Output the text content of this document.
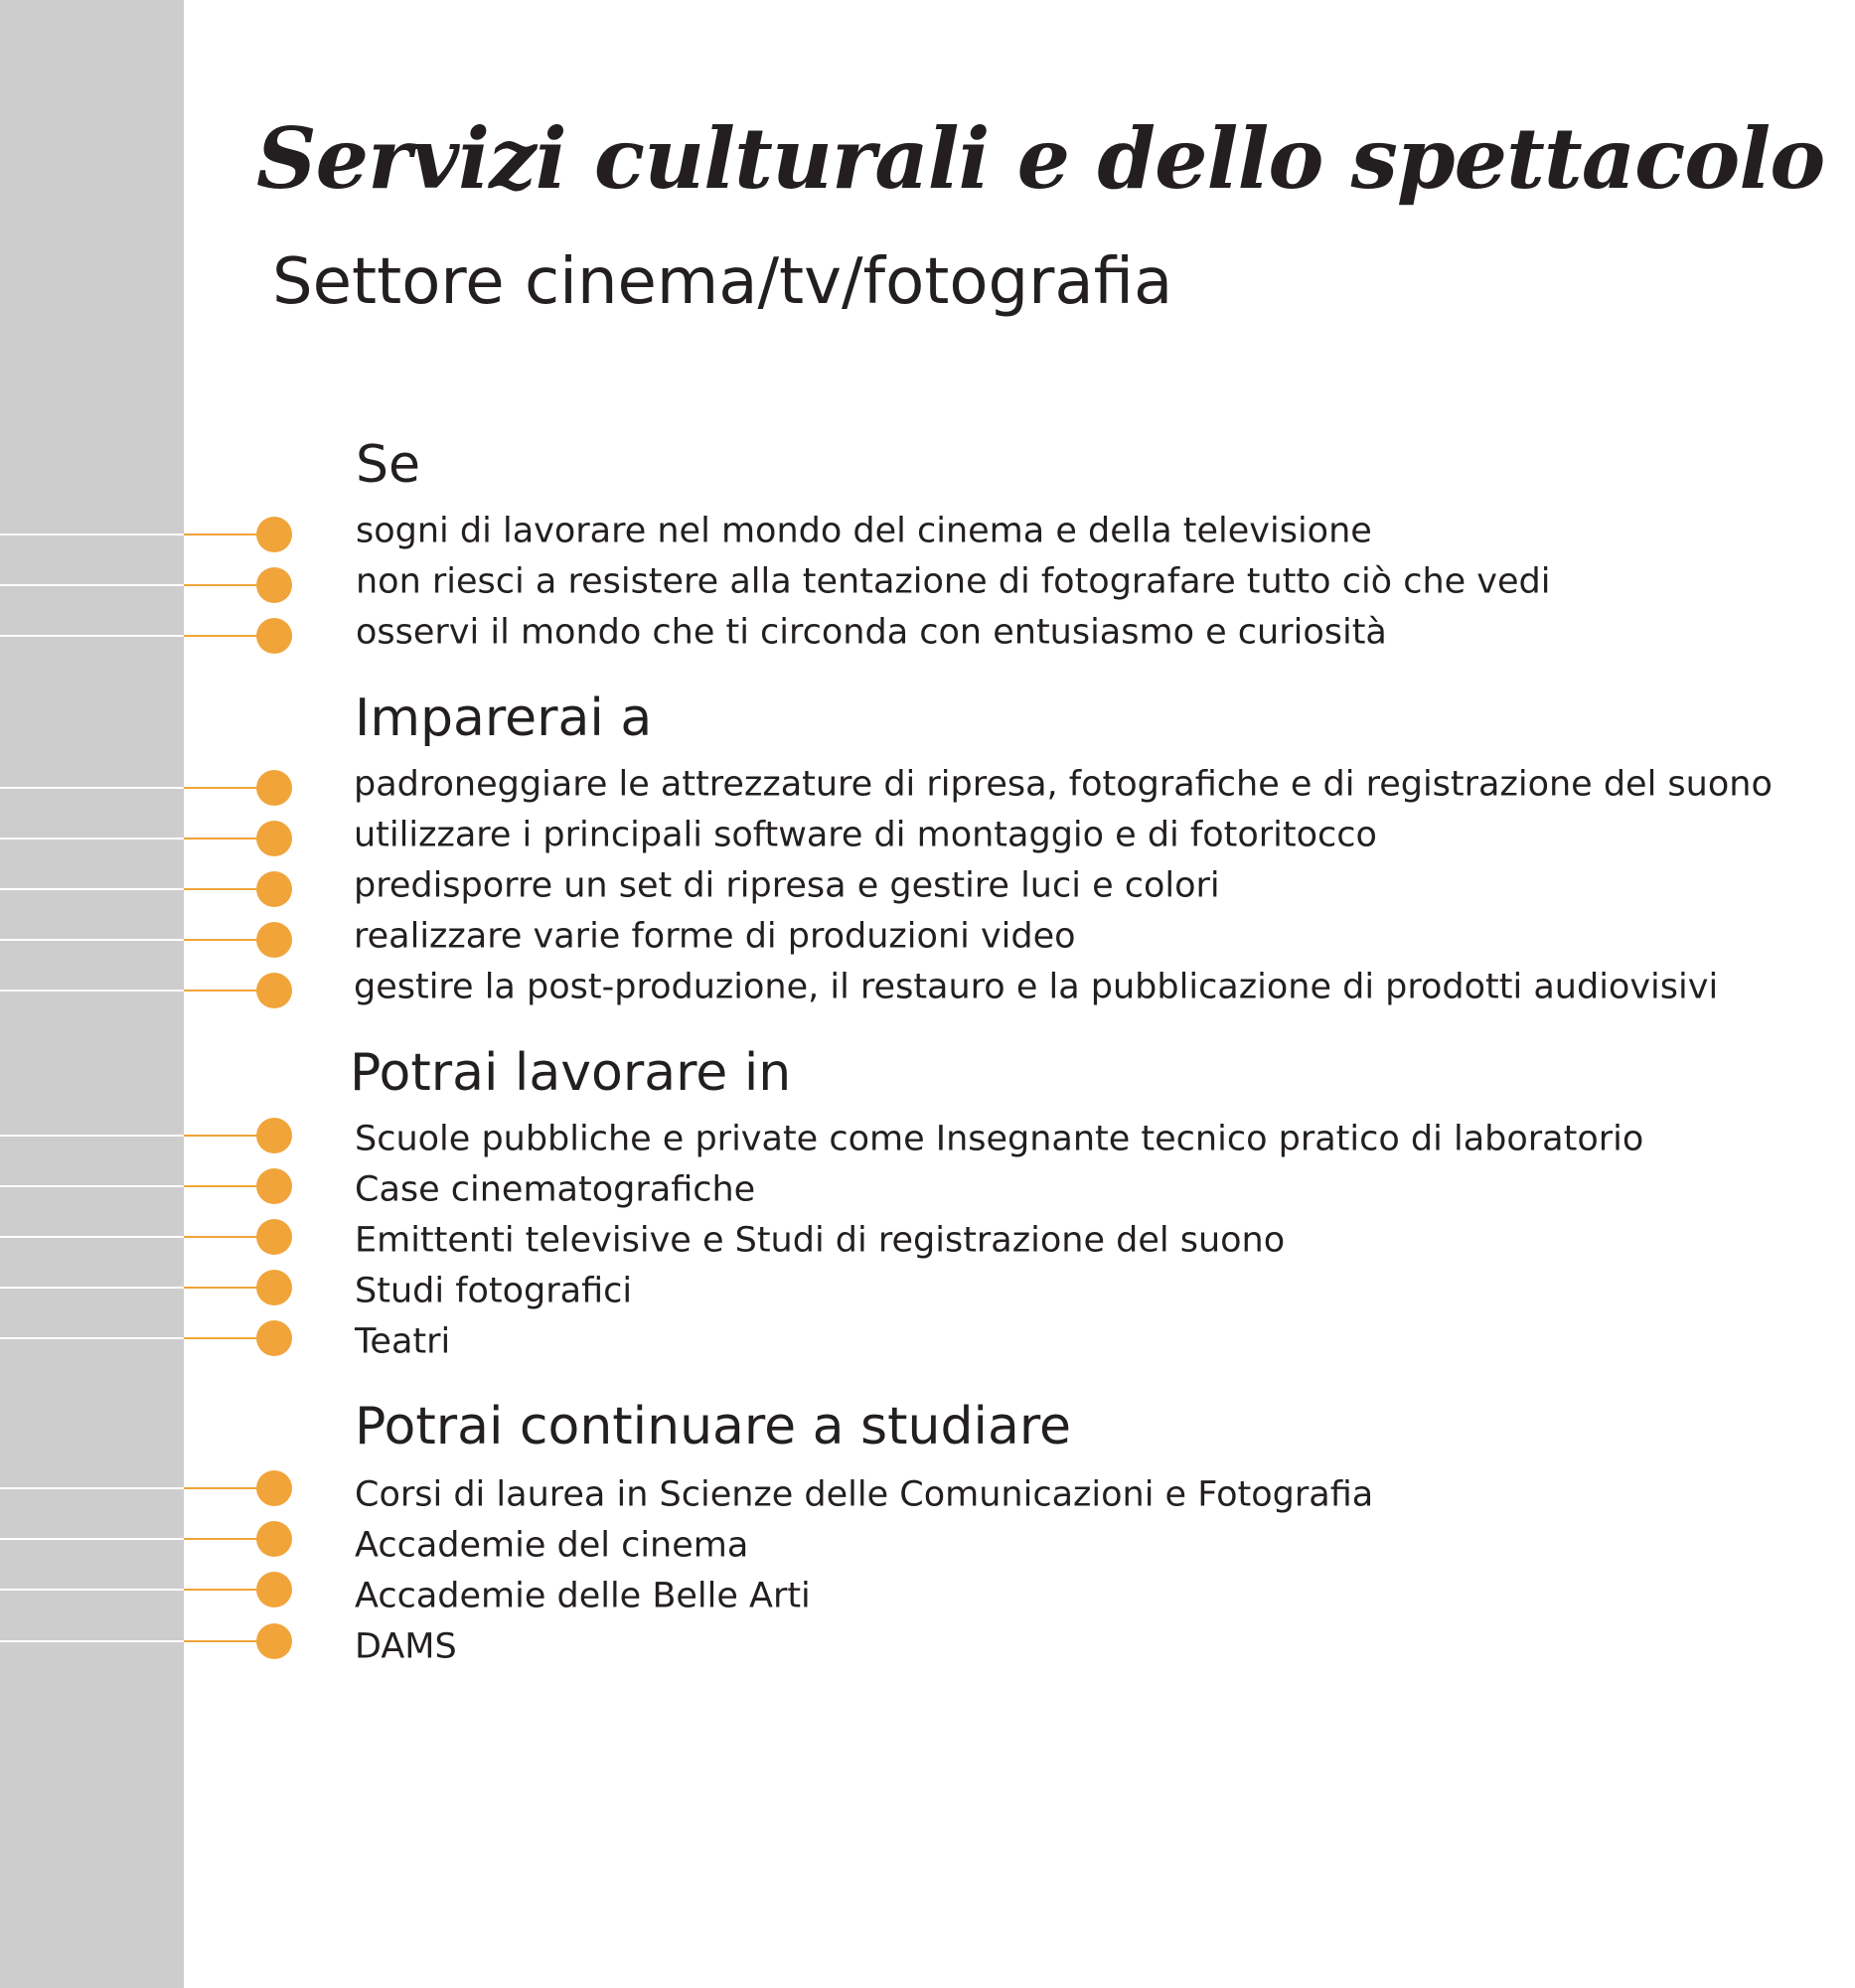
Servizi culturali e dello spettacolo
Settore cinema/tv/fotografia
Se

sogni di lavorare nel mondo del cinema e della televisione

non riesci a resistere alla tentazione di fotografare tutto ciò che vedi

osservi il mondo che ti circonda con entusiasmo e curiosità

Imparerai a

padroneggiare le attrezzature di ripresa, fotografiche e di registrazione del suono

utilizzare i principali software di montaggio e di fotoritocco

predisporre un set di ripresa e gestire luci e colori

realizzare varie forme di produzioni video

gestire la post-produzione, il restauro e la pubblicazione di prodotti audiovisivi

Potrai lavorare in

Scuole pubbliche e private come Insegnante tecnico pratico di laboratorio

Case cinematografiche

Emittenti televisive e Studi di registrazione del suono

Studi fotografici

Teatri

Potrai continuare a studiare

Corsi di laurea in Scienze delle Comunicazioni e Fotografia

Accademie del cinema

Accademie delle Belle Arti

DAMS
